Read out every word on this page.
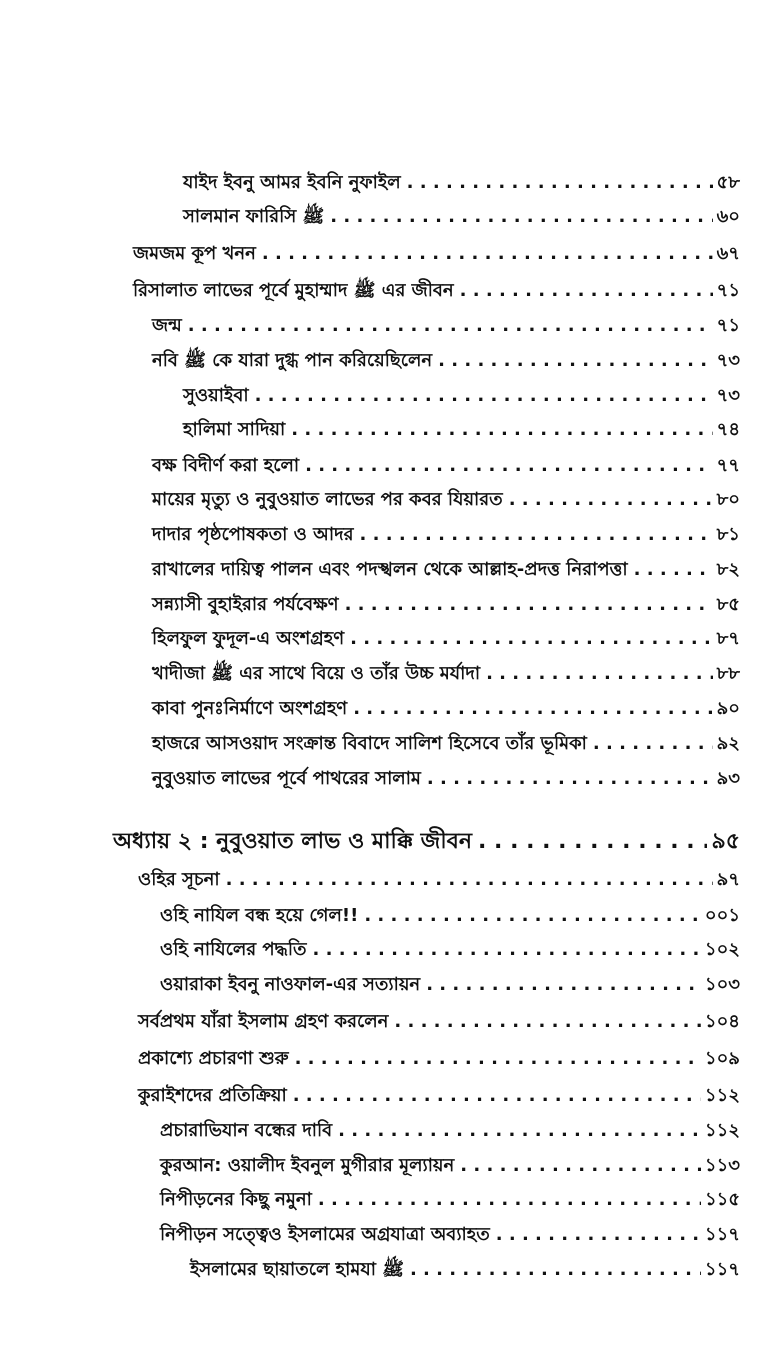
যাইদ ইবনু আমর ইবনি নুফাইল . . .	৫৮
সালমান ফারিসি ﷺ . . .	৬০
জমজম কূপ খনন . . .	৬৭
রিসালাত লাভের পূর্বে মুহাম্মাদ ﷺ এর জীবন . . .	৭১
জন্ম . . .	৭১
নবি ﷺ কে যারা দুগ্ধ পান করিয়েছিলেন . . .	৭৩
সুওয়াইবা . . .	৭৩
হালিমা সাদিয়া . . .	৭৪
বক্ষ বিদীর্ণ করা হলো . . .	৭৭
মায়ের মৃত্যু ও নুবুওয়াত লাভের পর কবর যিয়ারত . . .	৮০
দাদার পৃষ্ঠপোষকতা ও আদর . . .	৮১
রাখালের দায়িত্ব পালন এবং পদস্খলন থেকে আল্লাহ-প্রদত্ত নিরাপত্তা . . .	৮২
সন্ন্যাসী বুহাইরার পর্যবেক্ষণ . . .	৮৫
হিলফুল ফুদূল-এ অংশগ্রহণ . . .	৮৭
খাদীজা ﷺ এর সাথে বিয়ে ও তাঁর উচ্চ মর্যাদা . . .	৮৮
কাবা পুনঃনির্মাণে অংশগ্রহণ . . .	৯০
হাজরে আসওয়াদ সংক্রান্ত বিবাদে সালিশ হিসেবে তাঁর ভূমিকা . . .	৯২
নুবুওয়াত লাভের পূর্বে পাথরের সালাম . . .	৯৩
অধ্যায় ২ : নুবুওয়াত লাভ ও মাক্কি জীবন . . .	৯৫
ওহির সূচনা . . .	৯৭
ওহি নাযিল বন্ধ হয়ে গেল!! . . .	০০১
ওহি নাযিলের পদ্ধতি . . .	১০২
ওয়ারাকা ইবনু নাওফাল-এর সত্যায়ন . . .	১০৩
সর্বপ্রথম যাঁরা ইসলাম গ্রহণ করলেন . . .	১০৪
প্রকাশ্যে প্রচারণা শুরু . . .	১০৯
কুরাইশদের প্রতিক্রিয়া . . .	১১২
প্রচারাভিযান বন্ধের দাবি . . .	১১২
কুরআন: ওয়ালীদ ইবনুল মুগীরার মূল্যায়ন . . .	১১৩
নিপীড়নের কিছু নমুনা . . .	১১৫
নিপীড়ন সত্ত্বেও ইসলামের অগ্রযাত্রা অব্যাহত . . .	১১৭
ইসলামের ছায়াতলে হামযা ﷺ . . .	১১৭
